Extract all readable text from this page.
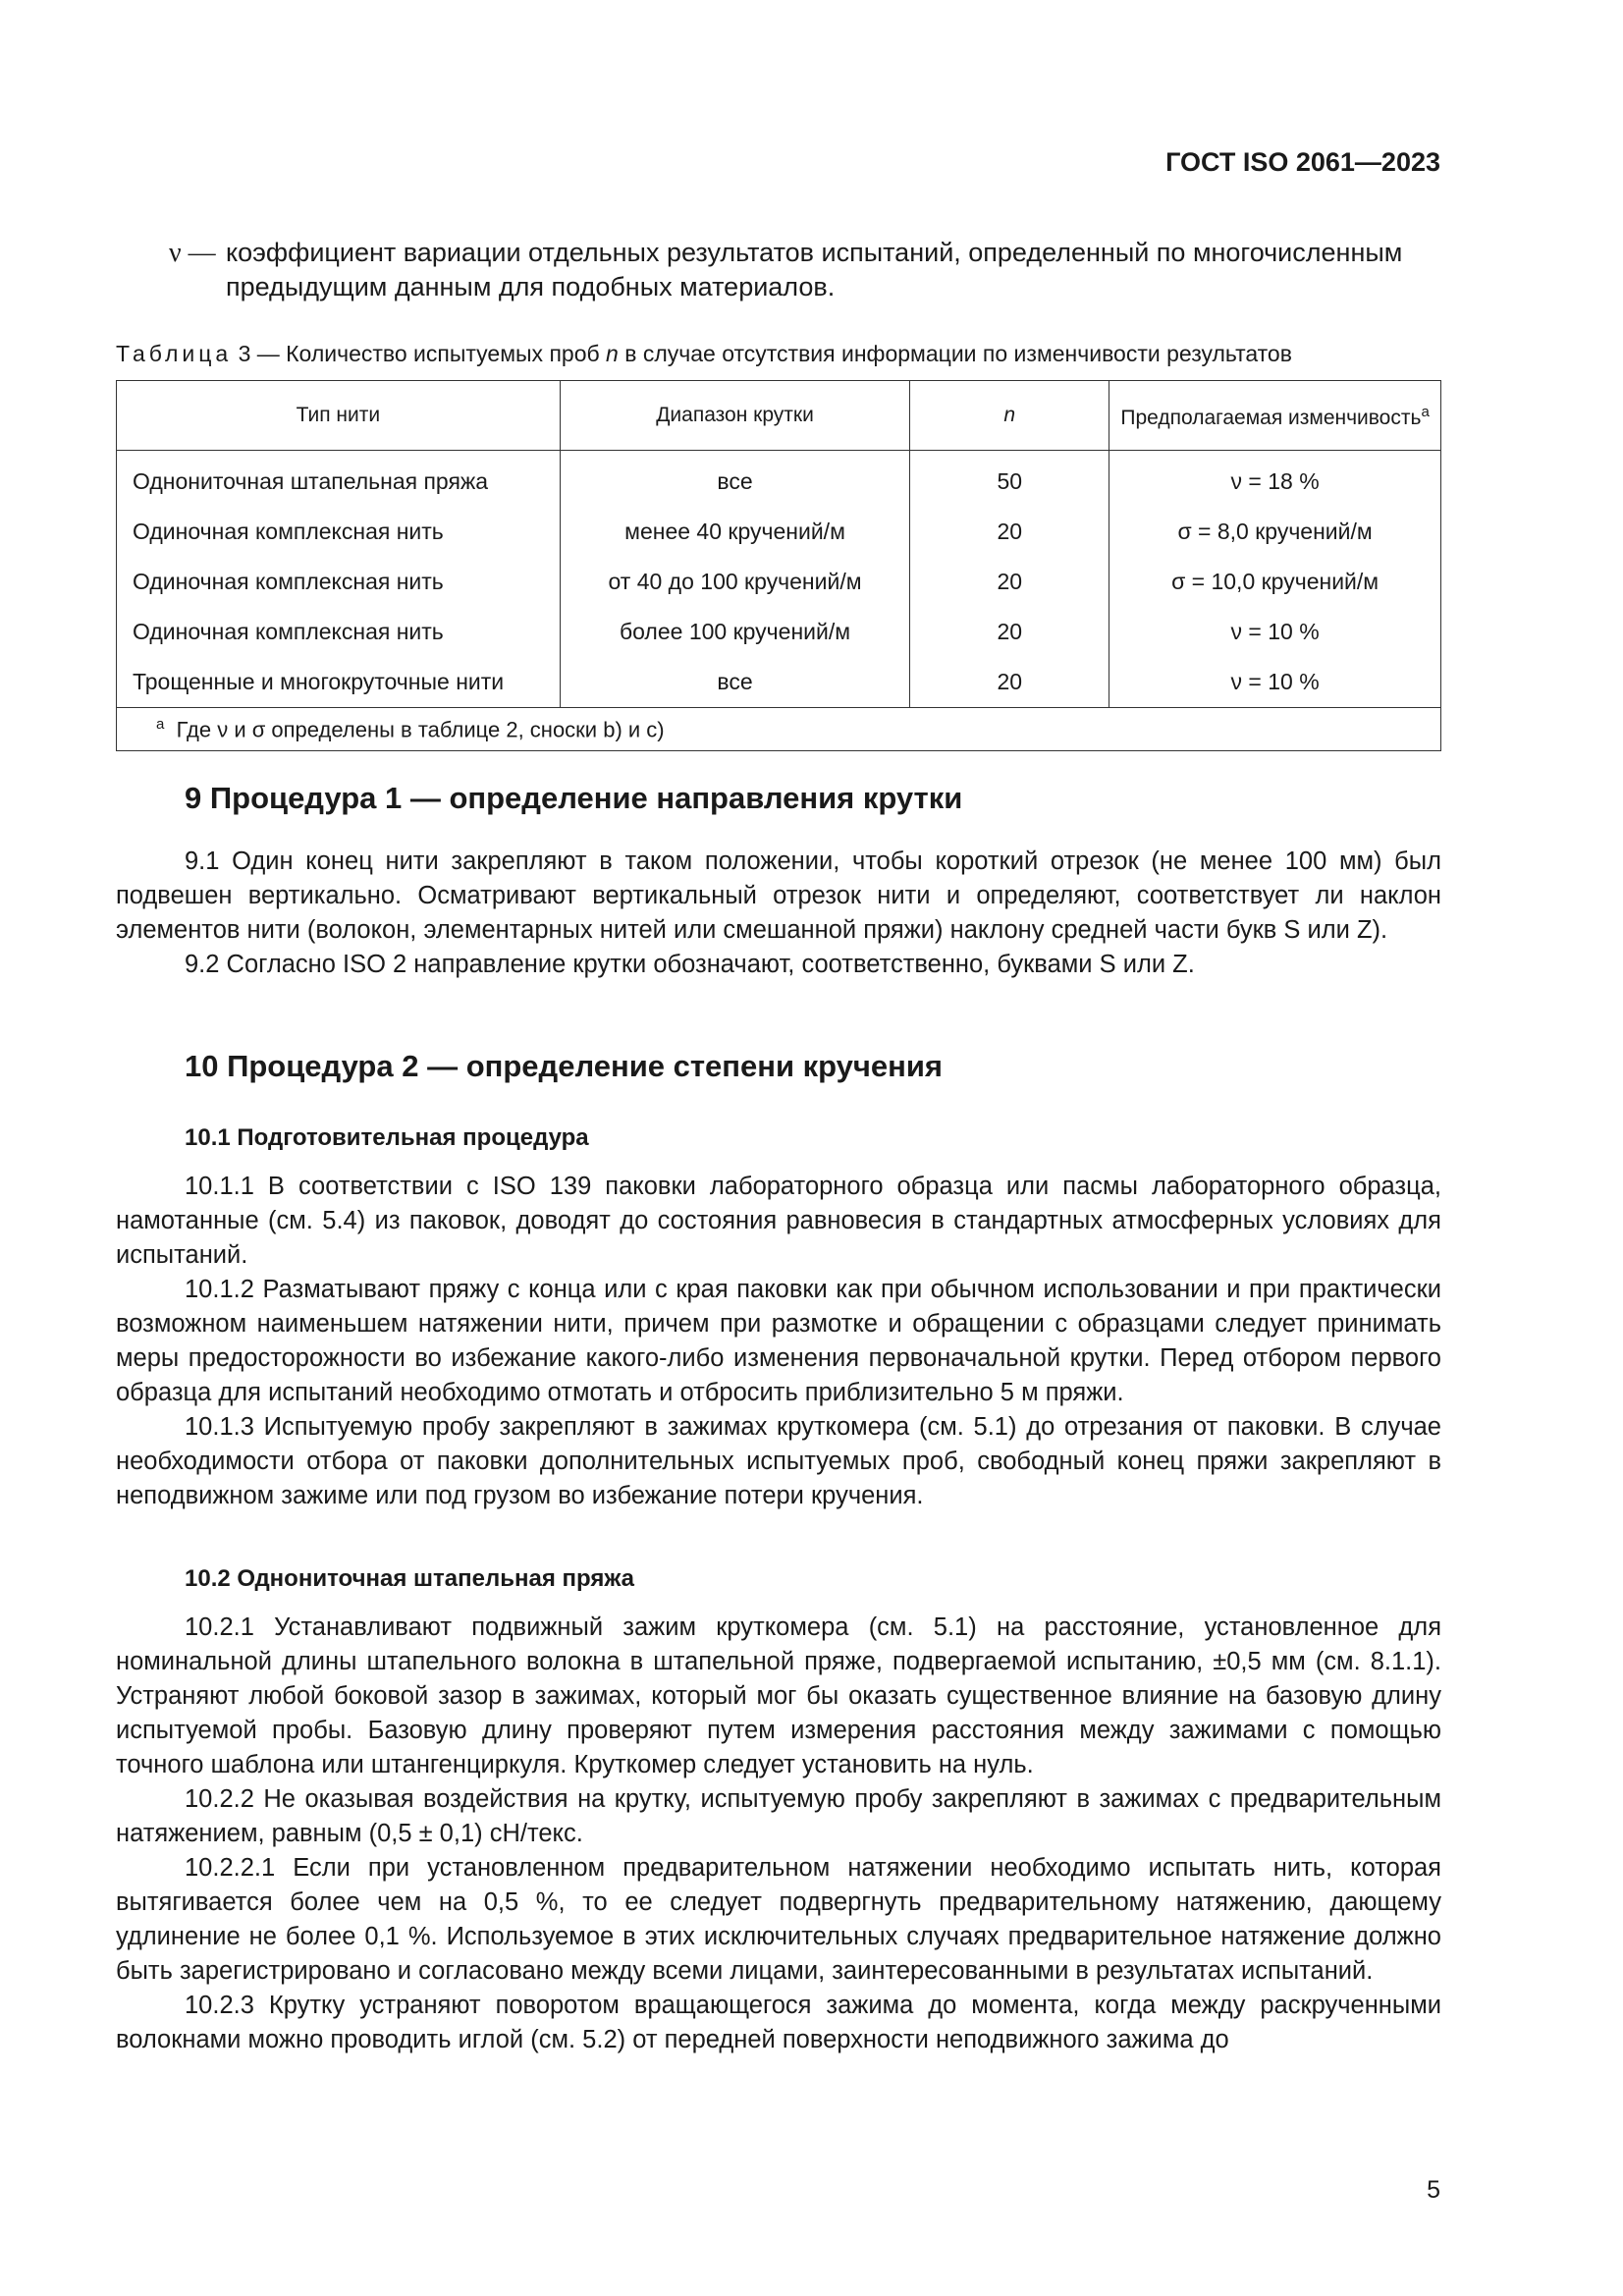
ГОСТ ISO 2061—2023
ν — коэффициент вариации отдельных результатов испытаний, определенный по многочисленным предыдущим данным для подобных материалов.
Таблица 3 — Количество испытуемых проб n в случае отсутствия информации по изменчивости результатов
Тип нити	Диапазон крутки	n	Предполагаемая изменчивость$^a$
Однониточная штапельная пряжа	все	50	ν = 18 %
Одиночная комплексная нить	менее 40 кручений/м	20	σ = 8,0 кручений/м
Одиночная комплексная нить	от 40 до 100 кручений/м	20	σ = 10,0 кручений/м
Одиночная комплексная нить	более 100 кручений/м	20	ν = 10 %
Трощенные и многокруточные нити	все	20	ν = 10 %
$^a$ Где ν и σ определены в таблице 2, сноски b) и c)			
9 Процедура 1 — определение направления крутки

9.1 Один конец нити закрепляют в таком положении, чтобы короткий отрезок (не менее 100 мм) был подвешен вертикально. Осматривают вертикальный отрезок нити и определяют, соответствует ли наклон элементов нити (волокон, элементарных нитей или смешанной пряжи) наклону средней части букв S или Z).

9.2 Согласно ISO 2 направление крутки обозначают, соответственно, буквами S или Z.

10 Процедура 2 — определение степени кручения
10.1 Подготовительная процедура

10.1.1 В соответствии с ISO 139 паковки лабораторного образца или пасмы лабораторного образца, намотанные (см. 5.4) из паковок, доводят до состояния равновесия в стандартных атмосферных условиях для испытаний.

10.1.2 Разматывают пряжу с конца или с края паковки как при обычном использовании и при практически возможном наименьшем натяжении нити, причем при размотке и обращении с образцами следует принимать меры предосторожности во избежание какого-либо изменения первоначальной крутки. Перед отбором первого образца для испытаний необходимо отмотать и отбросить приблизительно 5 м пряжи.

10.1.3 Испытуемую пробу закрепляют в зажимах круткомера (см. 5.1) до отрезания от паковки. В случае необходимости отбора от паковки дополнительных испытуемых проб, свободный конец пряжи закрепляют в неподвижном зажиме или под грузом во избежание потери кручения.

10.2 Однониточная штапельная пряжа

10.2.1 Устанавливают подвижный зажим круткомера (см. 5.1) на расстояние, установленное для номинальной длины штапельного волокна в штапельной пряже, подвергаемой испытанию, ±0,5 мм (см. 8.1.1). Устраняют любой боковой зазор в зажимах, который мог бы оказать существенное влияние на базовую длину испытуемой пробы. Базовую длину проверяют путем измерения расстояния между зажимами с помощью точного шаблона или штангенциркуля. Круткомер следует установить на нуль.

10.2.2 Не оказывая воздействия на крутку, испытуемую пробу закрепляют в зажимах с предварительным натяжением, равным (0,5 ± 0,1) сН/текс.

10.2.2.1 Если при установленном предварительном натяжении необходимо испытать нить, которая вытягивается более чем на 0,5 %, то ее следует подвергнуть предварительному натяжению, дающему удлинение не более 0,1 %. Используемое в этих исключительных случаях предварительное натяжение должно быть зарегистрировано и согласовано между всеми лицами, заинтересованными в результатах испытаний.

10.2.3 Крутку устраняют поворотом вращающегося зажима до момента, когда между раскрученными волокнами можно проводить иглой (см. 5.2) от передней поверхности неподвижного зажима до

5
